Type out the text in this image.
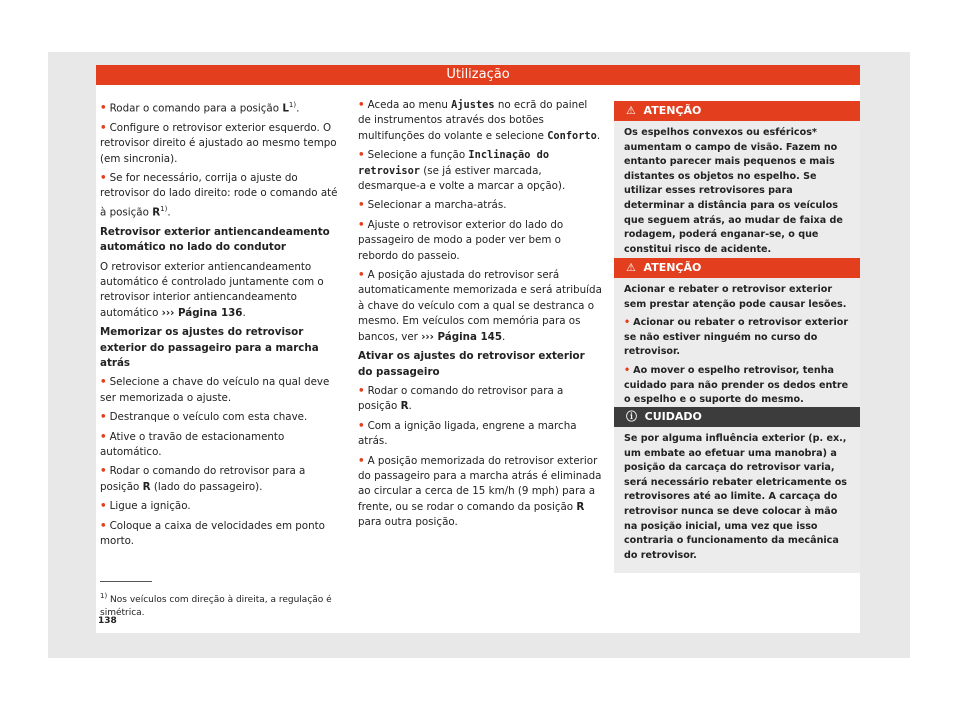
Utilização

• Rodar o comando para a posição $L^{1)}$.

• Configure o retrovisor exterior esquerdo. O retrovisor direito é ajustado ao mesmo tempo (em sincronia).

• Se for necessário, corrija o ajuste do retrovisor do lado direito: rode o comando até à posição $R^{1)}$.

Retrovisor exterior antiencandeamento automático no lado do condutor

O retrovisor exterior antiencandeamento automático é controlado juntamente com o retrovisor interior antiencandeamento automático ››› Página 136.

Memorizar os ajustes do retrovisor exterior do passageiro para a marcha atrás

• Selecione a chave do veículo na qual deve ser memorizada o ajuste.

• Destranque o veículo com esta chave.

• Ative o travão de estacionamento automático.

• Rodar o comando do retrovisor para a posição R (lado do passageiro).

• Ligue a ignição.

• Coloque a caixa de velocidades em ponto morto.

• Aceda ao menu Ajustes no ecrã do painel de instrumentos através dos botões multifunções do volante e selecione Conforto.

• Selecione a função Inclinação do retrovisor (se já estiver marcada, desmarque-a e volte a marcar a opção).

• Selecionar a marcha-atrás.

• Ajuste o retrovisor exterior do lado do passageiro de modo a poder ver bem o rebordo do passeio.

• A posição ajustada do retrovisor será automaticamente memorizada e será atribuída à chave do veículo com a qual se destranca o mesmo. Em veículos com memória para os bancos, ver ››› Página 145.

Ativar os ajustes do retrovisor exterior do passageiro

• Rodar o comando do retrovisor para a posição R.

• Com a ignição ligada, engrene a marcha atrás.

• A posição memorizada do retrovisor exterior do passageiro para a marcha atrás é eliminada ao circular a cerca de 15 km/h (9 mph) para a frente, ou se rodar o comando da posição R para outra posição.

⚠ ATENÇÃO

Os espelhos convexos ou esféricos* aumentam o campo de visão. Fazem no entanto parecer mais pequenos e mais distantes os objetos no espelho. Se utilizar esses retrovisores para determinar a distância para os veículos que seguem atrás, ao mudar de faixa de rodagem, poderá enganar-se, o que constitui risco de acidente.

⚠ ATENÇÃO

Acionar e rebater o retrovisor exterior sem prestar atenção pode causar lesões.

• Acionar ou rebater o retrovisor exterior se não estiver ninguém no curso do retrovisor.

• Ao mover o espelho retrovisor, tenha cuidado para não prender os dedos entre o espelho e o suporte do mesmo.

ⓘ CUIDADO

Se por alguma influência exterior (p. ex., um embate ao efetuar uma manobra) a posição da carcaça do retrovisor varia, será necessário rebater eletricamente os retrovisores até ao limite. A carcaça do retrovisor nunca se deve colocar à mão na posição inicial, uma vez que isso contraria o funcionamento da mecânica do retrovisor.

$^{1)}$ Nos veículos com direção à direita, a regulação é simétrica.
138
